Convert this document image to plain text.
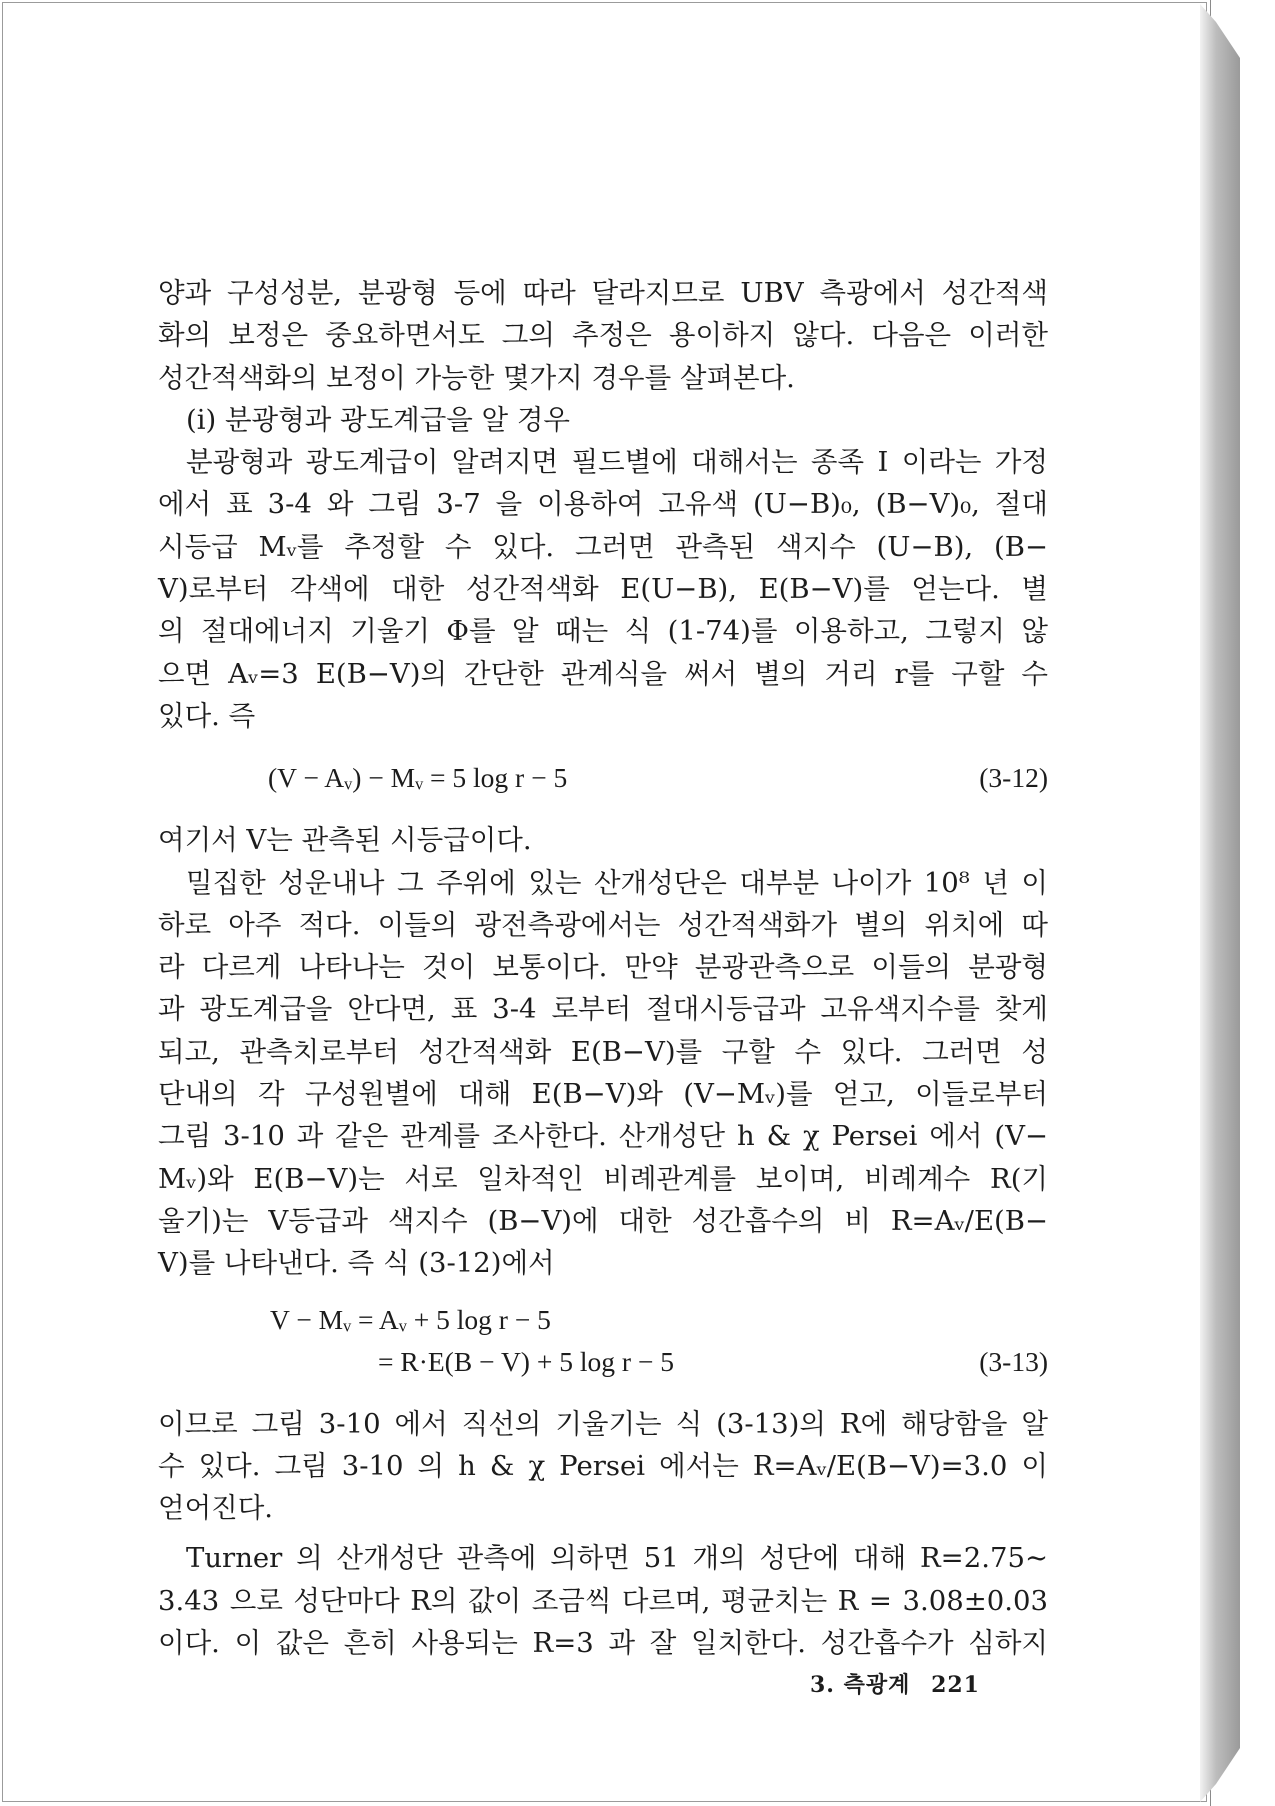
양과 구성성분, 분광형 등에 따라 달라지므로 UBV 측광에서 성간적색
화의 보정은 중요하면서도 그의 추정은 용이하지 않다. 다음은 이러한
성간적색화의 보정이 가능한 몇가지 경우를 살펴본다.
(i) 분광형과 광도계급을 알 경우
분광형과 광도계급이 알려지면 필드별에 대해서는 종족 I 이라는 가정
에서 표 3-4 와 그림 3-7 을 이용하여 고유색 (U−B)₀, (B−V)₀, 절대
시등급 Mᵥ를 추정할 수 있다. 그러면 관측된 색지수 (U−B), (B−
V)로부터 각색에 대한 성간적색화 E(U−B), E(B−V)를 얻는다. 별
의 절대에너지 기울기 Φ를 알 때는 식 (1-74)를 이용하고, 그렇지 않
으면 Aᵥ=3 E(B−V)의 간단한 관계식을 써서 별의 거리 r를 구할 수
있다. 즉
(V − Aᵥ) − Mᵥ = 5 log r − 5	(3-12)
여기서 V는 관측된 시등급이다.
밀집한 성운내나 그 주위에 있는 산개성단은 대부분 나이가 10⁸ 년 이
하로 아주 적다. 이들의 광전측광에서는 성간적색화가 별의 위치에 따
라 다르게 나타나는 것이 보통이다. 만약 분광관측으로 이들의 분광형
과 광도계급을 안다면, 표 3-4 로부터 절대시등급과 고유색지수를 찾게
되고, 관측치로부터 성간적색화 E(B−V)를 구할 수 있다. 그러면 성
단내의 각 구성원별에 대해 E(B−V)와 (V−Mᵥ)를 얻고, 이들로부터
그림 3-10 과 같은 관계를 조사한다. 산개성단 h & χ Persei 에서 (V−
Mᵥ)와 E(B−V)는 서로 일차적인 비례관계를 보이며, 비례계수 R(기
울기)는 V등급과 색지수 (B−V)에 대한 성간흡수의 비 R=Aᵥ/E(B−
V)를 나타낸다. 즉 식 (3-12)에서
V − Mᵥ = Aᵥ + 5 log r − 5
= R·E(B − V) + 5 log r − 5	(3-13)
이므로 그림 3-10 에서 직선의 기울기는 식 (3-13)의 R에 해당함을 알
수 있다. 그림 3-10 의 h & χ Persei 에서는 R=Aᵥ/E(B−V)=3.0 이
얻어진다.
Turner 의 산개성단 관측에 의하면 51 개의 성단에 대해 R=2.75∼
3.43 으로 성단마다 R의 값이 조금씩 다르며, 평균치는 R = 3.08±0.03
이다. 이 값은 흔히 사용되는 R=3 과 잘 일치한다. 성간흡수가 심하지
3. 측광계 221
